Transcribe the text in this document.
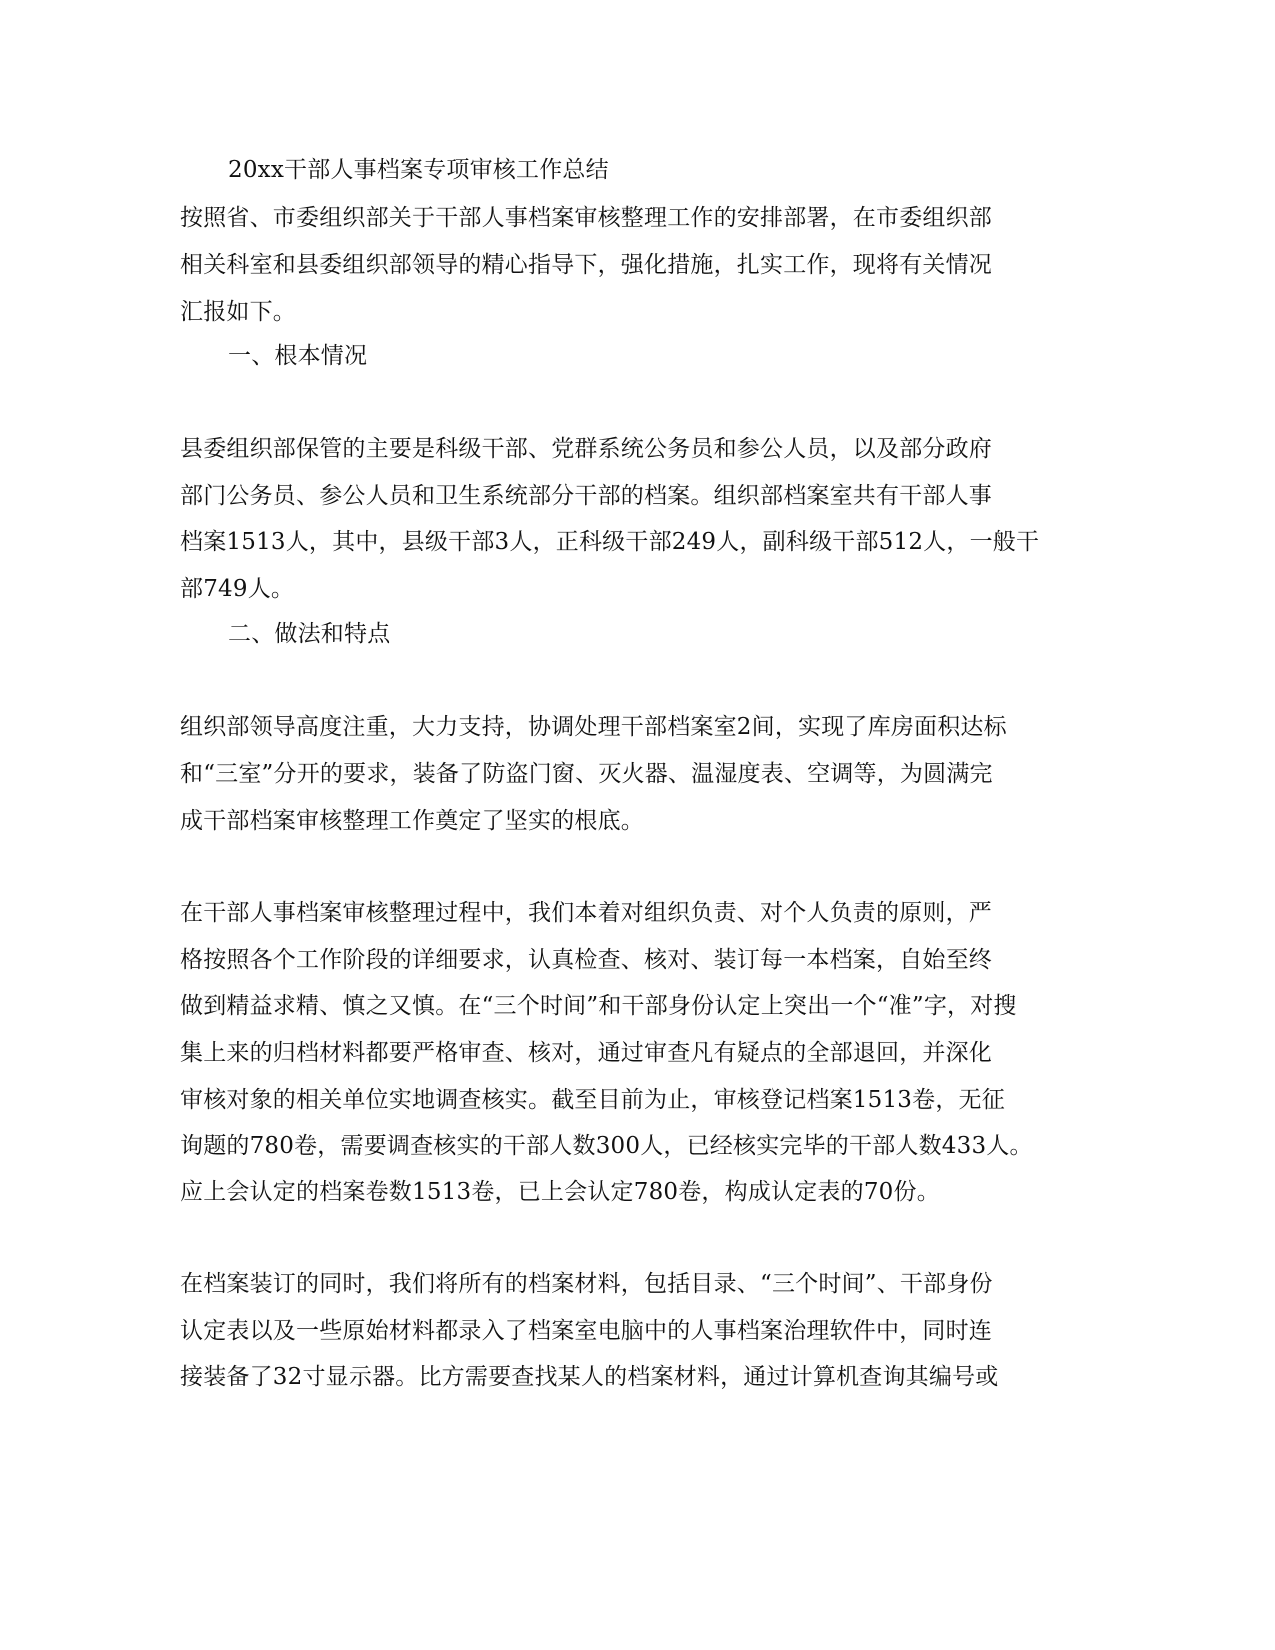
20xx干部人事档案专项审核工作总结
按照省、市委组织部关于干部人事档案审核整理工作的安排部署，在市委组织部
相关科室和县委组织部领导的精心指导下，强化措施，扎实工作，现将有关情况
汇报如下。
一、根本情况
县委组织部保管的主要是科级干部、党群系统公务员和参公人员，以及部分政府
部门公务员、参公人员和卫生系统部分干部的档案。组织部档案室共有干部人事
档案1513人，其中，县级干部3人，正科级干部249人，副科级干部512人，一般干
部749人。
二、做法和特点
组织部领导高度注重，大力支持，协调处理干部档案室2间，实现了库房面积达标
和“三室”分开的要求，装备了防盗门窗、灭火器、温湿度表、空调等，为圆满完
成干部档案审核整理工作奠定了坚实的根底。
在干部人事档案审核整理过程中，我们本着对组织负责、对个人负责的原则，严
格按照各个工作阶段的详细要求，认真检查、核对、装订每一本档案，自始至终
做到精益求精、慎之又慎。在“三个时间”和干部身份认定上突出一个“准”字，对搜
集上来的归档材料都要严格审查、核对，通过审查凡有疑点的全部退回，并深化
审核对象的相关单位实地调查核实。截至目前为止，审核登记档案1513卷，无征
询题的780卷，需要调查核实的干部人数300人，已经核实完毕的干部人数433人。
应上会认定的档案卷数1513卷，已上会认定780卷，构成认定表的70份。
在档案装订的同时，我们将所有的档案材料，包括目录、“三个时间”、干部身份
认定表以及一些原始材料都录入了档案室电脑中的人事档案治理软件中，同时连
接装备了32寸显示器。比方需要查找某人的档案材料，通过计算机查询其编号或
